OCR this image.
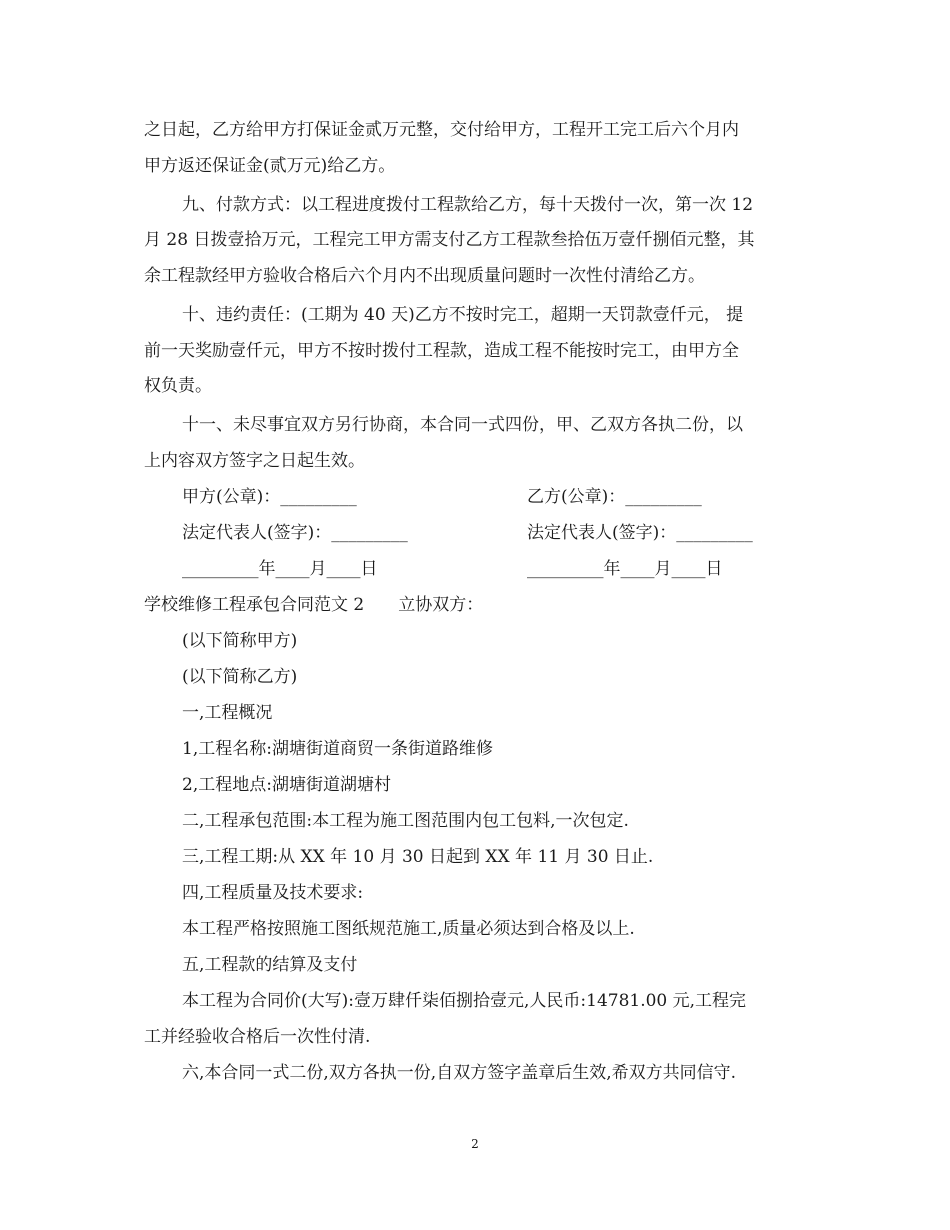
之日起，乙方给甲方打保证金贰万元整，交付给甲方，工程开工完工后六个月内
甲方返还保证金(贰万元)给乙方。
九、付款方式：以工程进度拨付工程款给乙方，每十天拨付一次，第一次 12
月 28 日拨壹拾万元，工程完工甲方需支付乙方工程款叁拾伍万壹仟捌佰元整，其
余工程款经甲方验收合格后六个月内不出现质量问题时一次性付清给乙方。
十、违约责任：(工期为 40 天)乙方不按时完工，超期一天罚款壹仟元， 提
前一天奖励壹仟元，甲方不按时拨付工程款，造成工程不能按时完工，由甲方全
权负责。
十一、未尽事宜双方另行协商，本合同一式四份，甲、乙双方各执二份，以
上内容双方签字之日起生效。
甲方(公章)：_________	乙方(公章)：_________
法定代表人(签字)：_________	法定代表人(签字)：_________
_________年____月____日	_________年____月____日
学校维修工程承包合同范文 2　　立协双方：
(以下简称甲方)
(以下简称乙方)
一,工程概况
1,工程名称:湖塘街道商贸一条街道路维修
2,工程地点:湖塘街道湖塘村
二,工程承包范围:本工程为施工图范围内包工包料,一次包定.
三,工程工期:从 XX 年 10 月 30 日起到 XX 年 11 月 30 日止.
四,工程质量及技术要求:
本工程严格按照施工图纸规范施工,质量必须达到合格及以上.
五,工程款的结算及支付
本工程为合同价(大写):壹万肆仟柒佰捌拾壹元,人民币:14781.00 元,工程完
工并经验收合格后一次性付清.
六,本合同一式二份,双方各执一份,自双方签字盖章后生效,希双方共同信守.
2
